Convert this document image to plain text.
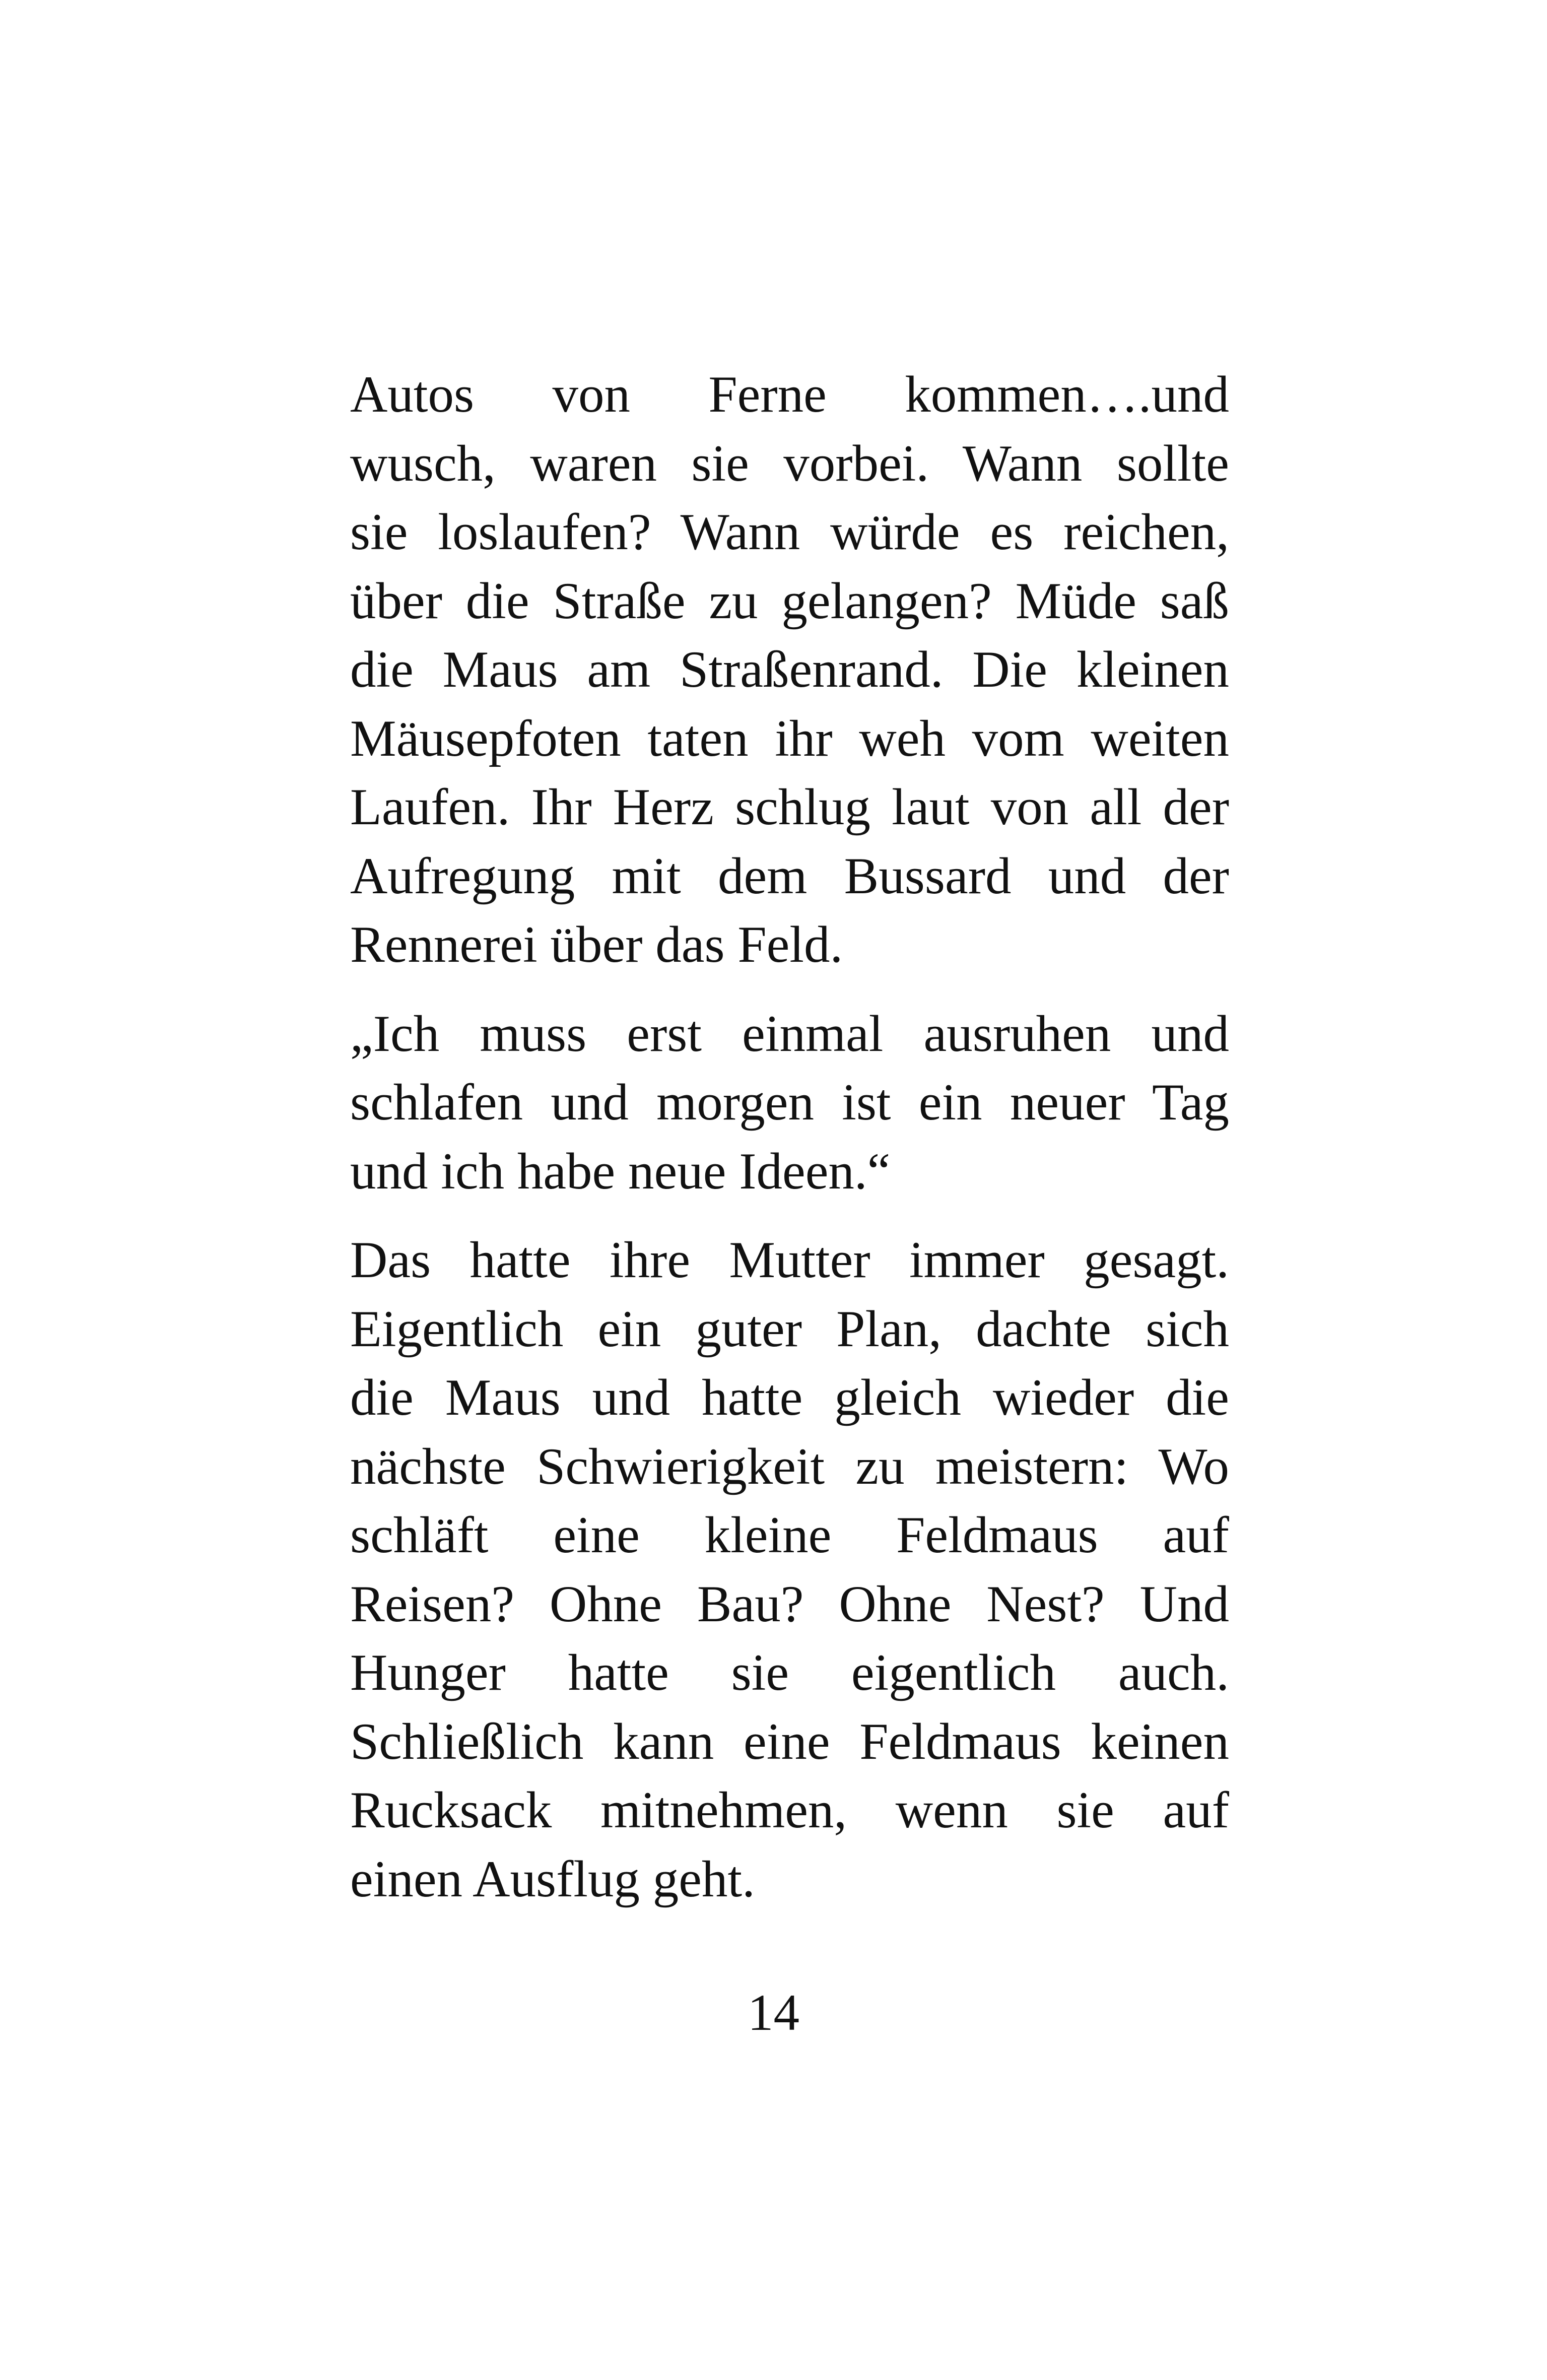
Autos von Ferne kommen….und
wusch, waren sie vorbei. Wann sollte
sie loslaufen? Wann würde es reichen,
über die Straße zu gelangen? Müde saß
die Maus am Straßenrand. Die kleinen
Mäusepfoten taten ihr weh vom weiten
Laufen. Ihr Herz schlug laut von all der
Aufregung mit dem Bussard und der
Rennerei über das Feld.

„Ich muss erst einmal ausruhen und
schlafen und morgen ist ein neuer Tag
und ich habe neue Ideen.“

Das hatte ihre Mutter immer gesagt.
Eigentlich ein guter Plan, dachte sich
die Maus und hatte gleich wieder die
nächste Schwierigkeit zu meistern: Wo
schläft eine kleine Feldmaus auf
Reisen? Ohne Bau? Ohne Nest? Und
Hunger hatte sie eigentlich auch.
Schließlich kann eine Feldmaus keinen
Rucksack mitnehmen, wenn sie auf
einen Ausflug geht.

14
